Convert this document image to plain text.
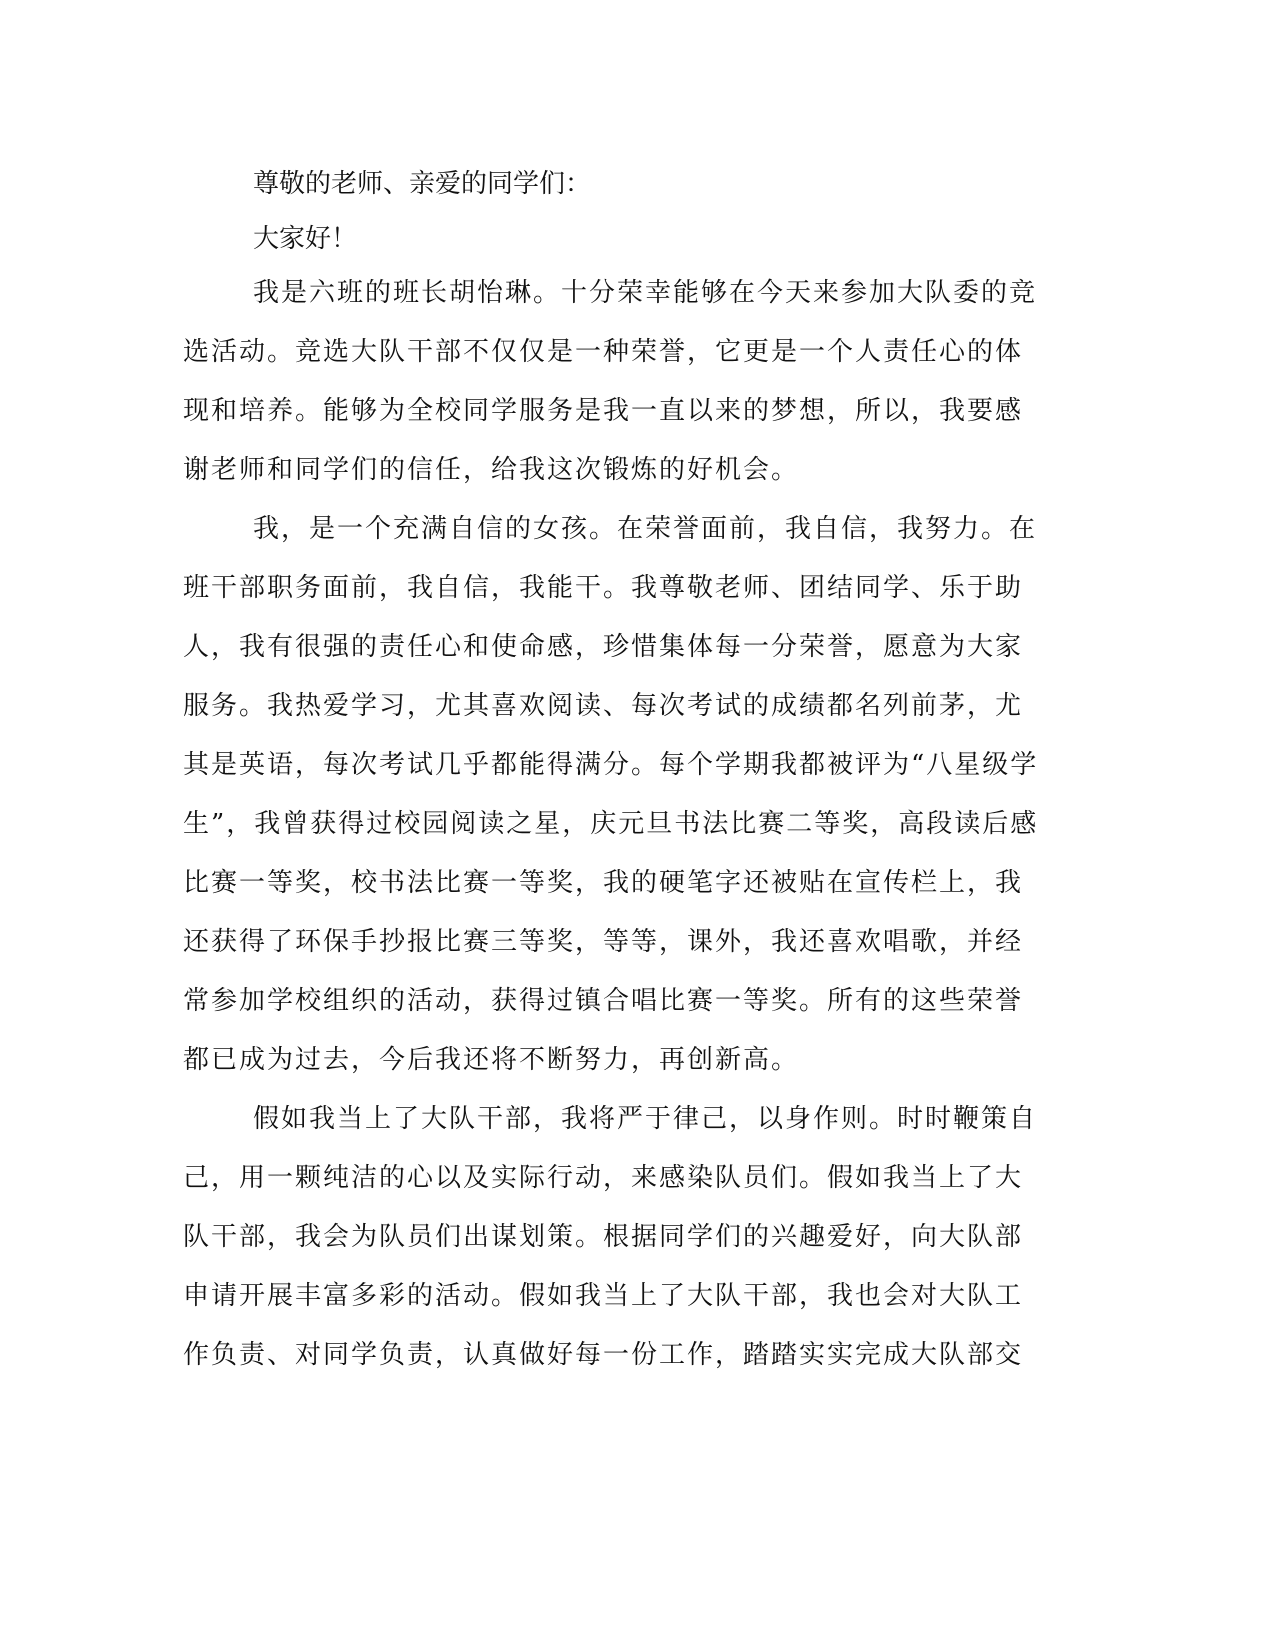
尊敬的老师、亲爱的同学们：

大家好！

我是六班的班长胡怡琳。十分荣幸能够在今天来参加大队委的竞
选活动。竞选大队干部不仅仅是一种荣誉，它更是一个人责任心的体
现和培养。能够为全校同学服务是我一直以来的梦想，所以，我要感
谢老师和同学们的信任，给我这次锻炼的好机会。
我，是一个充满自信的女孩。在荣誉面前，我自信，我努力。在
班干部职务面前，我自信，我能干。我尊敬老师、团结同学、乐于助
人，我有很强的责任心和使命感，珍惜集体每一分荣誉，愿意为大家
服务。我热爱学习，尤其喜欢阅读、每次考试的成绩都名列前茅，尤
其是英语，每次考试几乎都能得满分。每个学期我都被评为“八星级学
生”，我曾获得过校园阅读之星，庆元旦书法比赛二等奖，高段读后感
比赛一等奖，校书法比赛一等奖，我的硬笔字还被贴在宣传栏上，我
还获得了环保手抄报比赛三等奖，等等，课外，我还喜欢唱歌，并经
常参加学校组织的活动，获得过镇合唱比赛一等奖。所有的这些荣誉
都已成为过去，今后我还将不断努力，再创新高。
假如我当上了大队干部，我将严于律己，以身作则。时时鞭策自
己，用一颗纯洁的心以及实际行动，来感染队员们。假如我当上了大
队干部，我会为队员们出谋划策。根据同学们的兴趣爱好，向大队部
申请开展丰富多彩的活动。假如我当上了大队干部，我也会对大队工
作负责、对同学负责，认真做好每一份工作，踏踏实实完成大队部交
